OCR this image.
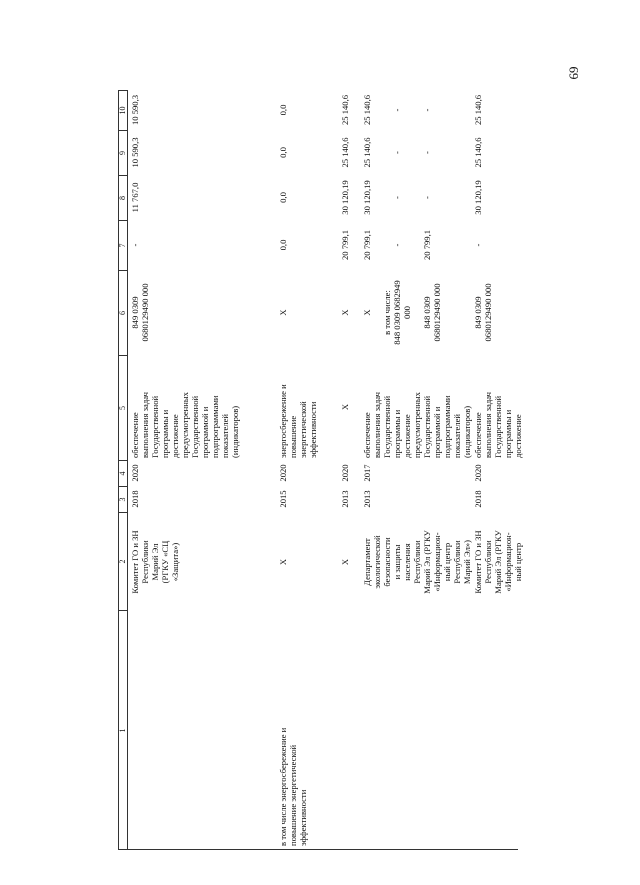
69
1
2
3
4
5
6
7
8
9
10
Комитет ГО и ЗН
Республики
Марий Эл
(РГКУ «СЦ
«Защита»)
2018
2020
обеспечение
выполнения задач
Государственной
программы и
достижение
предусмотренных
Государственной
программой и
подпрограммами
показателей
(индикаторов)
849 0309
0680129490 000
-
11 767,0
10 590,3
10 590,3
в том числе энергосбережение и
повышение энергетической
эффективности
Х
2015
2020
энергосбережение и
повышение
энергетической
эффективности
Х
0,0
0,0
0,0
0,0
Х
2013
2020
Х
Х
20 799,1
30 120,19
25 140,6
25 140,6
Департамент
экологической
безопасности
и защиты
населения
Республики
Марий Эл (РГКУ
«Информацион-
ный центр
Республики
Марий Эл»)
2013
2017
обеспечение
выполнения задач
Государственной
программы и
достижение
предусмотренных
Государственной
программой и
подпрограммами
показателей
(индикаторов)
Х

в том числе:
848 0309 0682949
000

848 0309
0680129490 000
20 799,1

-

20 799,1
30 120,19

-

-
25 140,6

-

-
25 140,6

-

-
Комитет ГО и ЗН
Республики
Марий Эл (РГКУ
«Информацион-
ный центр
2018
2020
обеспечение
выполнения задач
Государственной
программы и
достижение
849 0309
0680129490 000
-
30 120,19
25 140,6
25 140,6
